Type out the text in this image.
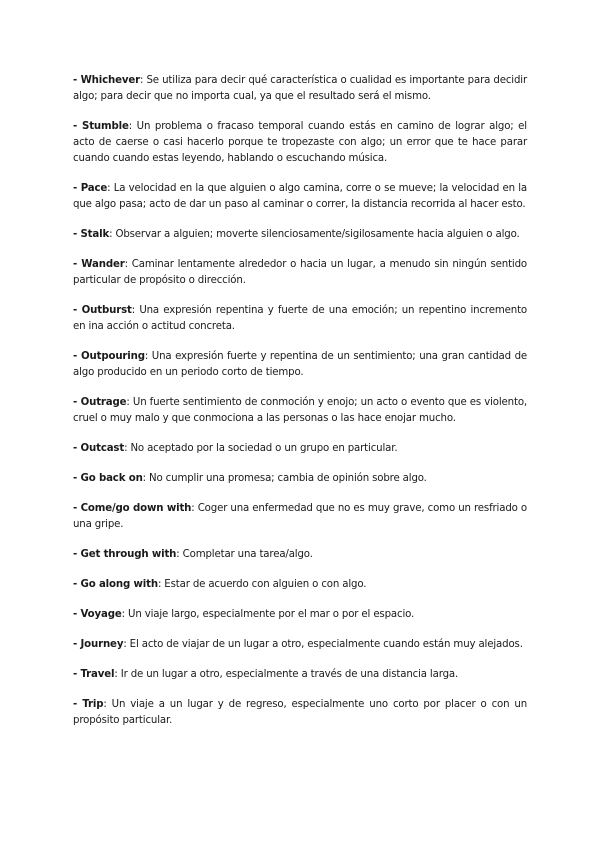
- Whichever: Se utiliza para decir qué característica o cualidad es importante para decidir algo; para decir que no importa cual, ya que el resultado será el mismo.

- Stumble: Un problema o fracaso temporal cuando estás en camino de lograr algo; el acto de caerse o casi hacerlo porque te tropezaste con algo; un error que te hace parar cuando cuando estas leyendo, hablando o escuchando música.

- Pace: La velocidad en la que alguien o algo camina, corre o se mueve; la velocidad en la que algo pasa; acto de dar un paso al caminar o correr, la distancia recorrida al hacer esto.

- Stalk: Observar a alguien; moverte silenciosamente/sigilosamente hacia alguien o algo.

- Wander: Caminar lentamente alrededor o hacia un lugar, a menudo sin ningún sentido particular de propósito o dirección.

- Outburst: Una expresión repentina y fuerte de una emoción; un repentino incremento en ina acción o actitud concreta.

- Outpouring: Una expresión fuerte y repentina de un sentimiento; una gran cantidad de algo producido en un periodo corto de tiempo.

- Outrage: Un fuerte sentimiento de conmoción y enojo; un acto o evento que es violento, cruel o muy malo y que conmociona a las personas o las hace enojar mucho.

- Outcast: No aceptado por la sociedad o un grupo en particular.

- Go back on: No cumplir una promesa; cambia de opinión sobre algo.

- Come/go down with: Coger una enfermedad que no es muy grave, como un resfriado o una gripe.

- Get through with: Completar una tarea/algo.

- Go along with: Estar de acuerdo con alguien o con algo.

- Voyage: Un viaje largo, especialmente por el mar o por el espacio.

- Journey: El acto de viajar de un lugar a otro, especialmente cuando están muy alejados.

- Travel: Ir de un lugar a otro, especialmente a través de una distancia larga.

- Trip: Un viaje a un lugar y de regreso, especialmente uno corto por placer o con un propósito particular.
